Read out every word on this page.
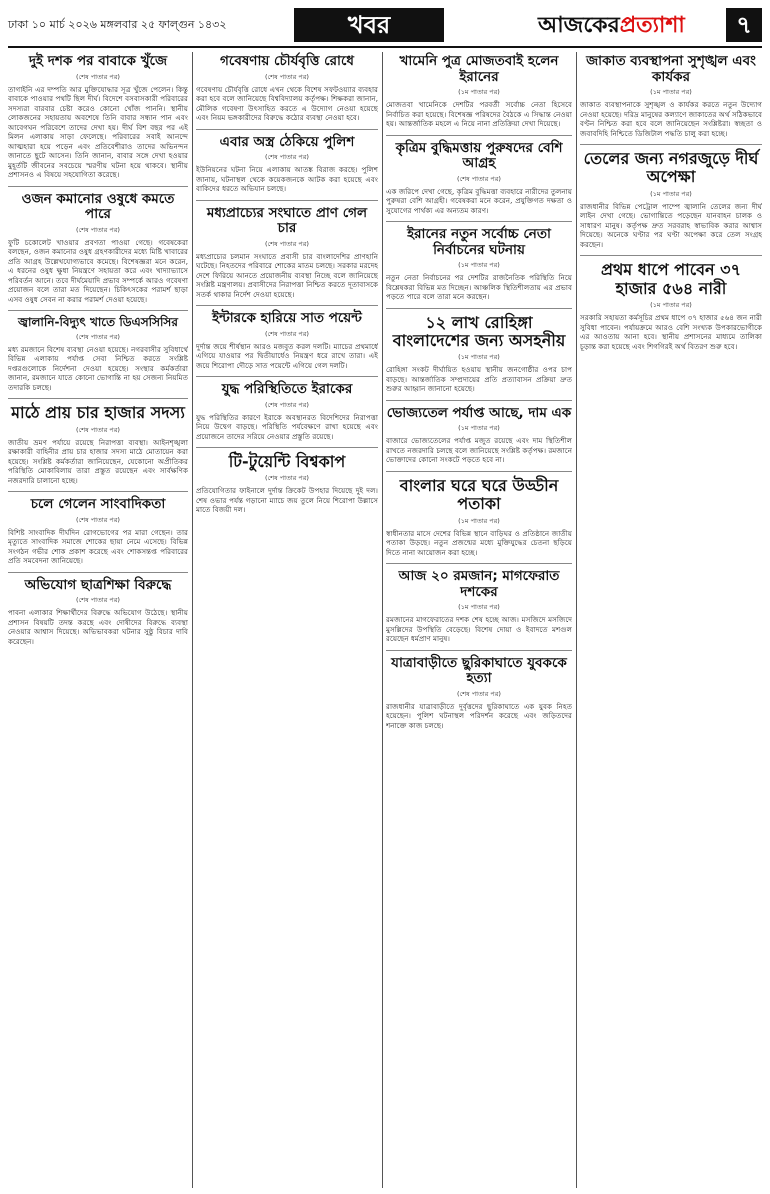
ঢাকা ১০ মার্চ ২০২৬ মঙ্গলবার ২৫ ফাল্গুন ১৪৩২	খবর	আজকেরপ্রত্যাশা	৭
দুই দশক পর বাবাকে খুঁজে
(শেষ পাতার পর)
তাগাইনি এর দম্পতি আর মুক্তিযোদ্ধার সূত্র খুঁজে পেলেন। কিন্তু বাবাকে পাওয়ার পথটি ছিল দীর্ঘ। বিদেশে বসবাসকারী পরিবারের সদস্যরা বারবার চেষ্টা করেও কোনো খোঁজ পাননি। স্থানীয় লোকজনের সহায়তায় অবশেষে তিনি বাবার সন্ধান পান এবং আবেগঘন পরিবেশে তাদের দেখা হয়। দীর্ঘ বিশ বছর পর এই মিলন এলাকায় সাড়া ফেলেছে। পরিবারের সবাই আনন্দে আত্মহারা হয়ে পড়েন এবং প্রতিবেশীরাও তাদের অভিনন্দন জানাতে ছুটে আসেন। তিনি জানান, বাবার সঙ্গে দেখা হওয়ার মুহূর্তটি জীবনের সবচেয়ে স্মরণীয় ঘটনা হয়ে থাকবে। স্থানীয় প্রশাসনও এ বিষয়ে সহযোগিতা করেছে।
ওজন কমানোর ওষুধে কমতে পারে
(শেষ পাতার পর)
ফুটি চকোলেট খাওয়ার প্রবণতা পাওয়া গেছে। গবেষকেরা বলছেন, ওজন কমানোর ওষুধ গ্রহণকারীদের মধ্যে মিষ্টি খাবারের প্রতি আগ্রহ উল্লেখযোগ্যভাবে কমেছে। বিশেষজ্ঞরা মনে করেন, এ ধরনের ওষুধ ক্ষুধা নিয়ন্ত্রণে সহায়তা করে এবং খাদ্যাভ্যাসে পরিবর্তন আনে। তবে দীর্ঘমেয়াদি প্রভাব সম্পর্কে আরও গবেষণা প্রয়োজন বলে তারা মত দিয়েছেন। চিকিৎসকের পরামর্শ ছাড়া এসব ওষুধ সেবন না করার পরামর্শ দেওয়া হয়েছে।
জ্বালানি-বিদ্যুৎ খাতে ডিএসসিসির
(শেষ পাতার পর)
মধ্য রমজানে বিশেষ ব্যবস্থা নেওয়া হয়েছে। নগরবাসীর সুবিধার্থে বিভিন্ন এলাকায় পর্যাপ্ত সেবা নিশ্চিত করতে সংশ্লিষ্ট দপ্তরগুলোকে নির্দেশনা দেওয়া হয়েছে। সংস্থার কর্মকর্তারা জানান, রমজানে যাতে কোনো ভোগান্তি না হয় সেজন্য নিয়মিত তদারকি চলছে।
মাঠে প্রায় চার হাজার সদস্য
(শেষ পাতার পর)
জাতীয় ভ্রমণ পর্যায়ে রয়েছে নিরাপত্তা ব্যবস্থা। আইনশৃঙ্খলা রক্ষাকারী বাহিনীর প্রায় চার হাজার সদস্য মাঠে মোতায়েন করা হয়েছে। সংশ্লিষ্ট কর্মকর্তারা জানিয়েছেন, যেকোনো অপ্রীতিকর পরিস্থিতি মোকাবিলায় তারা প্রস্তুত রয়েছেন এবং সার্বক্ষণিক নজরদারি চালানো হচ্ছে।
চলে গেলেন সাংবাদিকতা
(শেষ পাতার পর)
বিশিষ্ট সাংবাদিক দীর্ঘদিন রোগভোগের পর মারা গেছেন। তার মৃত্যুতে সাংবাদিক সমাজে শোকের ছায়া নেমে এসেছে। বিভিন্ন সংগঠন গভীর শোক প্রকাশ করেছে এবং শোকসন্তপ্ত পরিবারের প্রতি সমবেদনা জানিয়েছে।
অভিযোগ ছাত্রশিক্ষা বিরুদ্ধে
(শেষ পাতার পর)
পাবনা এলাকার শিক্ষার্থীদের বিরুদ্ধে অভিযোগ উঠেছে। স্থানীয় প্রশাসন বিষয়টি তদন্ত করছে এবং দোষীদের বিরুদ্ধে ব্যবস্থা নেওয়ার আশ্বাস দিয়েছে। অভিভাবকরা ঘটনার সুষ্ঠু বিচার দাবি করেছেন।
গবেষণায় চৌর্যবৃত্তি রোধে
(শেষ পাতার পর)
গবেষণায় চৌর্যবৃত্তি রোধে এখন থেকে বিশেষ সফটওয়্যার ব্যবহার করা হবে বলে জানিয়েছে বিশ্ববিদ্যালয় কর্তৃপক্ষ। শিক্ষকরা জানান, মৌলিক গবেষণা উৎসাহিত করতে এ উদ্যোগ নেওয়া হয়েছে এবং নিয়ম ভঙ্গকারীদের বিরুদ্ধে কঠোর ব্যবস্থা নেওয়া হবে।
এবার অস্ত্র ঠেকিয়ে পুলিশ
(শেষ পাতার পর)
ইউনিয়নের ঘটনা নিয়ে এলাকায় আতঙ্ক বিরাজ করছে। পুলিশ জানায়, ঘটনাস্থল থেকে কয়েকজনকে আটক করা হয়েছে এবং বাকিদের ধরতে অভিযান চলছে।
মধ্যপ্রাচ্যের সংঘাতে প্রাণ গেল চার
(শেষ পাতার পর)
মধ্যপ্রাচ্যের চলমান সংঘাতে প্রবাসী চার বাংলাদেশির প্রাণহানি ঘটেছে। নিহতদের পরিবারে শোকের মাতম চলছে। সরকার মরদেহ দেশে ফিরিয়ে আনতে প্রয়োজনীয় ব্যবস্থা নিচ্ছে বলে জানিয়েছে সংশ্লিষ্ট মন্ত্রণালয়। প্রবাসীদের নিরাপত্তা নিশ্চিত করতে দূতাবাসকে সতর্ক থাকার নির্দেশ দেওয়া হয়েছে।
ইন্টারকে হারিয়ে সাত পয়েন্ট
(শেষ পাতার পর)
দুর্দান্ত জয়ে শীর্ষস্থান আরও মজবুত করল দলটি। ম্যাচের প্রথমার্ধে এগিয়ে যাওয়ার পর দ্বিতীয়ার্ধেও নিয়ন্ত্রণ ধরে রাখে তারা। এই জয়ে শিরোপা দৌড়ে সাত পয়েন্টে এগিয়ে গেল দলটি।
যুদ্ধ পরিস্থিতিতে ইরাকের
(শেষ পাতার পর)
যুদ্ধ পরিস্থিতির কারণে ইরাকে অবস্থানরত বিদেশিদের নিরাপত্তা নিয়ে উদ্বেগ বাড়ছে। পরিস্থিতি পর্যবেক্ষণে রাখা হয়েছে এবং প্রয়োজনে তাদের সরিয়ে নেওয়ার প্রস্তুতি রয়েছে।
টি-টুয়েন্টি বিশ্বকাপ
(শেষ পাতার পর)
প্রতিযোগিতার ফাইনালে দুর্দান্ত ক্রিকেট উপহার দিয়েছে দুই দল। শেষ ওভার পর্যন্ত গড়ানো ম্যাচে জয় তুলে নিয়ে শিরোপা উল্লাসে মাতে বিজয়ী দল।
খামেনি পুত্র মোজতবাই হলেন ইরানের
(১ম পাতার পর)
মোজতবা খামেনিকে দেশটির পরবর্তী সর্বোচ্চ নেতা হিসেবে নির্বাচিত করা হয়েছে। বিশেষজ্ঞ পরিষদের বৈঠকে এ সিদ্ধান্ত নেওয়া হয়। আন্তর্জাতিক মহলে এ নিয়ে নানা প্রতিক্রিয়া দেখা দিয়েছে।
কৃত্রিম বুদ্ধিমত্তায় পুরুষদের বেশি আগ্রহ
(শেষ পাতার পর)
এক জরিপে দেখা গেছে, কৃত্রিম বুদ্ধিমত্তা ব্যবহারে নারীদের তুলনায় পুরুষরা বেশি আগ্রহী। গবেষকরা মনে করেন, প্রযুক্তিগত দক্ষতা ও সুযোগের পার্থক্য এর অন্যতম কারণ।
ইরানের নতুন সর্বোচ্চ নেতা নির্বাচনের ঘটনায়
(১ম পাতার পর)
নতুন নেতা নির্বাচনের পর দেশটির রাজনৈতিক পরিস্থিতি নিয়ে বিশ্লেষকরা বিভিন্ন মত দিচ্ছেন। আঞ্চলিক স্থিতিশীলতায় এর প্রভাব পড়তে পারে বলে তারা মনে করছেন।
১২ লাখ রোহিঙ্গা বাংলাদেশের জন্য অসহনীয়
(১ম পাতার পর)
রোহিঙ্গা সংকট দীর্ঘায়িত হওয়ায় স্থানীয় জনগোষ্ঠীর ওপর চাপ বাড়ছে। আন্তর্জাতিক সম্প্রদায়ের প্রতি প্রত্যাবাসন প্রক্রিয়া দ্রুত শুরুর আহ্বান জানানো হয়েছে।
ভোজ্যতেল পর্যাপ্ত আছে, দাম এক
(১ম পাতার পর)
বাজারে ভোজ্যতেলের পর্যাপ্ত মজুত রয়েছে এবং দাম স্থিতিশীল রাখতে নজরদারি চলছে বলে জানিয়েছে সংশ্লিষ্ট কর্তৃপক্ষ। রমজানে ভোক্তাদের কোনো সংকটে পড়তে হবে না।
বাংলার ঘরে ঘরে উড্ডীন পতাকা
(১ম পাতার পর)
স্বাধীনতার মাসে দেশের বিভিন্ন স্থানে বাড়িঘর ও প্রতিষ্ঠানে জাতীয় পতাকা উড়ছে। নতুন প্রজন্মের মধ্যে মুক্তিযুদ্ধের চেতনা ছড়িয়ে দিতে নানা আয়োজন করা হচ্ছে।
আজ ২০ রমজান; মাগফেরাত দশকের
(১ম পাতার পর)
রমজানের মাগফেরাতের দশক শেষ হচ্ছে আজ। মসজিদে মসজিদে মুসল্লিদের উপস্থিতি বেড়েছে। বিশেষ দোয়া ও ইবাদতে মশগুল রয়েছেন ধর্মপ্রাণ মানুষ।
যাত্রাবাড়ীতে ছুরিকাঘাতে যুবককে হত্যা
(শেষ পাতার পর)
রাজধানীর যাত্রাবাড়ীতে দুর্বৃত্তদের ছুরিকাঘাতে এক যুবক নিহত হয়েছেন। পুলিশ ঘটনাস্থল পরিদর্শন করেছে এবং জড়িতদের শনাক্তে কাজ চলছে।
জাকাত ব্যবস্থাপনা সুশৃঙ্খল এবং কার্যকর
(১ম পাতার পর)
জাকাত ব্যবস্থাপনাকে সুশৃঙ্খল ও কার্যকর করতে নতুন উদ্যোগ নেওয়া হয়েছে। দরিদ্র মানুষের কল্যাণে জাকাতের অর্থ সঠিকভাবে বণ্টন নিশ্চিত করা হবে বলে জানিয়েছেন সংশ্লিষ্টরা। স্বচ্ছতা ও জবাবদিহি নিশ্চিতে ডিজিটাল পদ্ধতি চালু করা হচ্ছে।
তেলের জন্য নগরজুড়ে দীর্ঘ অপেক্ষা
(১ম পাতার পর)
রাজধানীর বিভিন্ন পেট্রোল পাম্পে জ্বালানি তেলের জন্য দীর্ঘ লাইন দেখা গেছে। ভোগান্তিতে পড়েছেন যানবাহন চালক ও সাধারণ মানুষ। কর্তৃপক্ষ দ্রুত সরবরাহ স্বাভাবিক করার আশ্বাস দিয়েছে। অনেকে ঘণ্টার পর ঘণ্টা অপেক্ষা করে তেল সংগ্রহ করছেন।
প্রথম ধাপে পাবেন ৩৭ হাজার ৫৬৪ নারী
(১ম পাতার পর)
সরকারি সহায়তা কর্মসূচির প্রথম ধাপে ৩৭ হাজার ৫৬৪ জন নারী সুবিধা পাবেন। পর্যায়ক্রমে আরও বেশি সংখ্যক উপকারভোগীকে এর আওতায় আনা হবে। স্থানীয় প্রশাসনের মাধ্যমে তালিকা চূড়ান্ত করা হয়েছে এবং শিগগিরই অর্থ বিতরণ শুরু হবে।
